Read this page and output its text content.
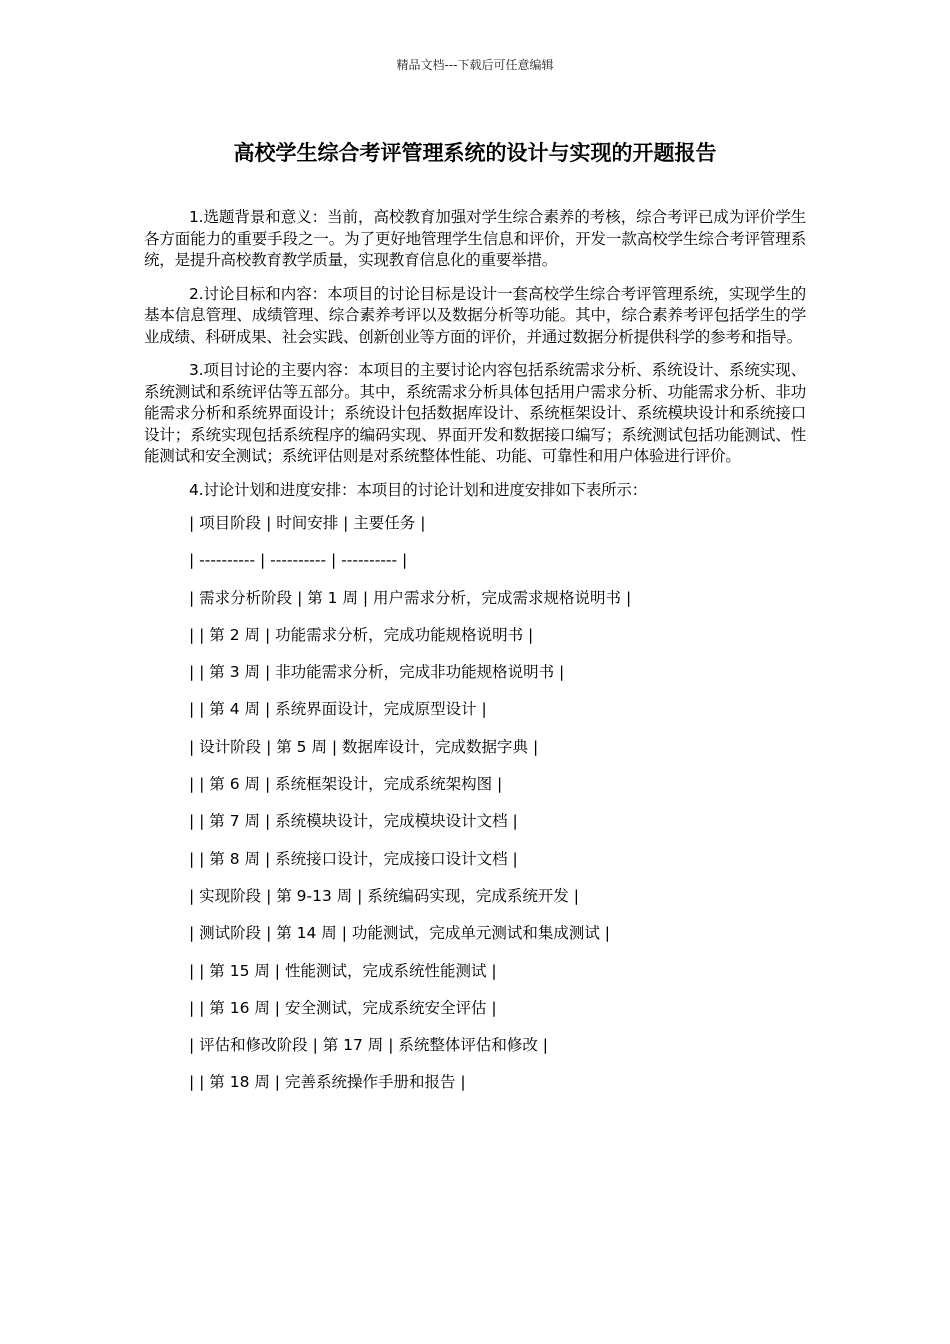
精品文档---下载后可任意编辑
高校学生综合考评管理系统的设计与实现的开题报告

1.选题背景和意义：当前，高校教育加强对学生综合素养的考核，综合考评已成为评价学生各方面能力的重要手段之一。为了更好地管理学生信息和评价，开发一款高校学生综合考评管理系统，是提升高校教育教学质量，实现教育信息化的重要举措。

2.讨论目标和内容：本项目的讨论目标是设计一套高校学生综合考评管理系统，实现学生的基本信息管理、成绩管理、综合素养考评以及数据分析等功能。其中，综合素养考评包括学生的学业成绩、科研成果、社会实践、创新创业等方面的评价，并通过数据分析提供科学的参考和指导。

3.项目讨论的主要内容：本项目的主要讨论内容包括系统需求分析、系统设计、系统实现、系统测试和系统评估等五部分。其中，系统需求分析具体包括用户需求分析、功能需求分析、非功能需求分析和系统界面设计；系统设计包括数据库设计、系统框架设计、系统模块设计和系统接口设计；系统实现包括系统程序的编码实现、界面开发和数据接口编写；系统测试包括功能测试、性能测试和安全测试；系统评估则是对系统整体性能、功能、可靠性和用户体验进行评价。

4.讨论计划和进度安排：本项目的讨论计划和进度安排如下表所示：

| 项目阶段 | 时间安排 | 主要任务 |

| ---------- | ---------- | ---------- |

| 需求分析阶段 | 第 1 周 | 用户需求分析，完成需求规格说明书 |

| | 第 2 周 | 功能需求分析，完成功能规格说明书 |

| | 第 3 周 | 非功能需求分析，完成非功能规格说明书 |

| | 第 4 周 | 系统界面设计，完成原型设计 |

| 设计阶段 | 第 5 周 | 数据库设计，完成数据字典 |

| | 第 6 周 | 系统框架设计，完成系统架构图 |

| | 第 7 周 | 系统模块设计，完成模块设计文档 |

| | 第 8 周 | 系统接口设计，完成接口设计文档 |

| 实现阶段 | 第 9-13 周 | 系统编码实现，完成系统开发 |

| 测试阶段 | 第 14 周 | 功能测试，完成单元测试和集成测试 |

| | 第 15 周 | 性能测试，完成系统性能测试 |

| | 第 16 周 | 安全测试，完成系统安全评估 |

| 评估和修改阶段 | 第 17 周 | 系统整体评估和修改 |

| | 第 18 周 | 完善系统操作手册和报告 |
